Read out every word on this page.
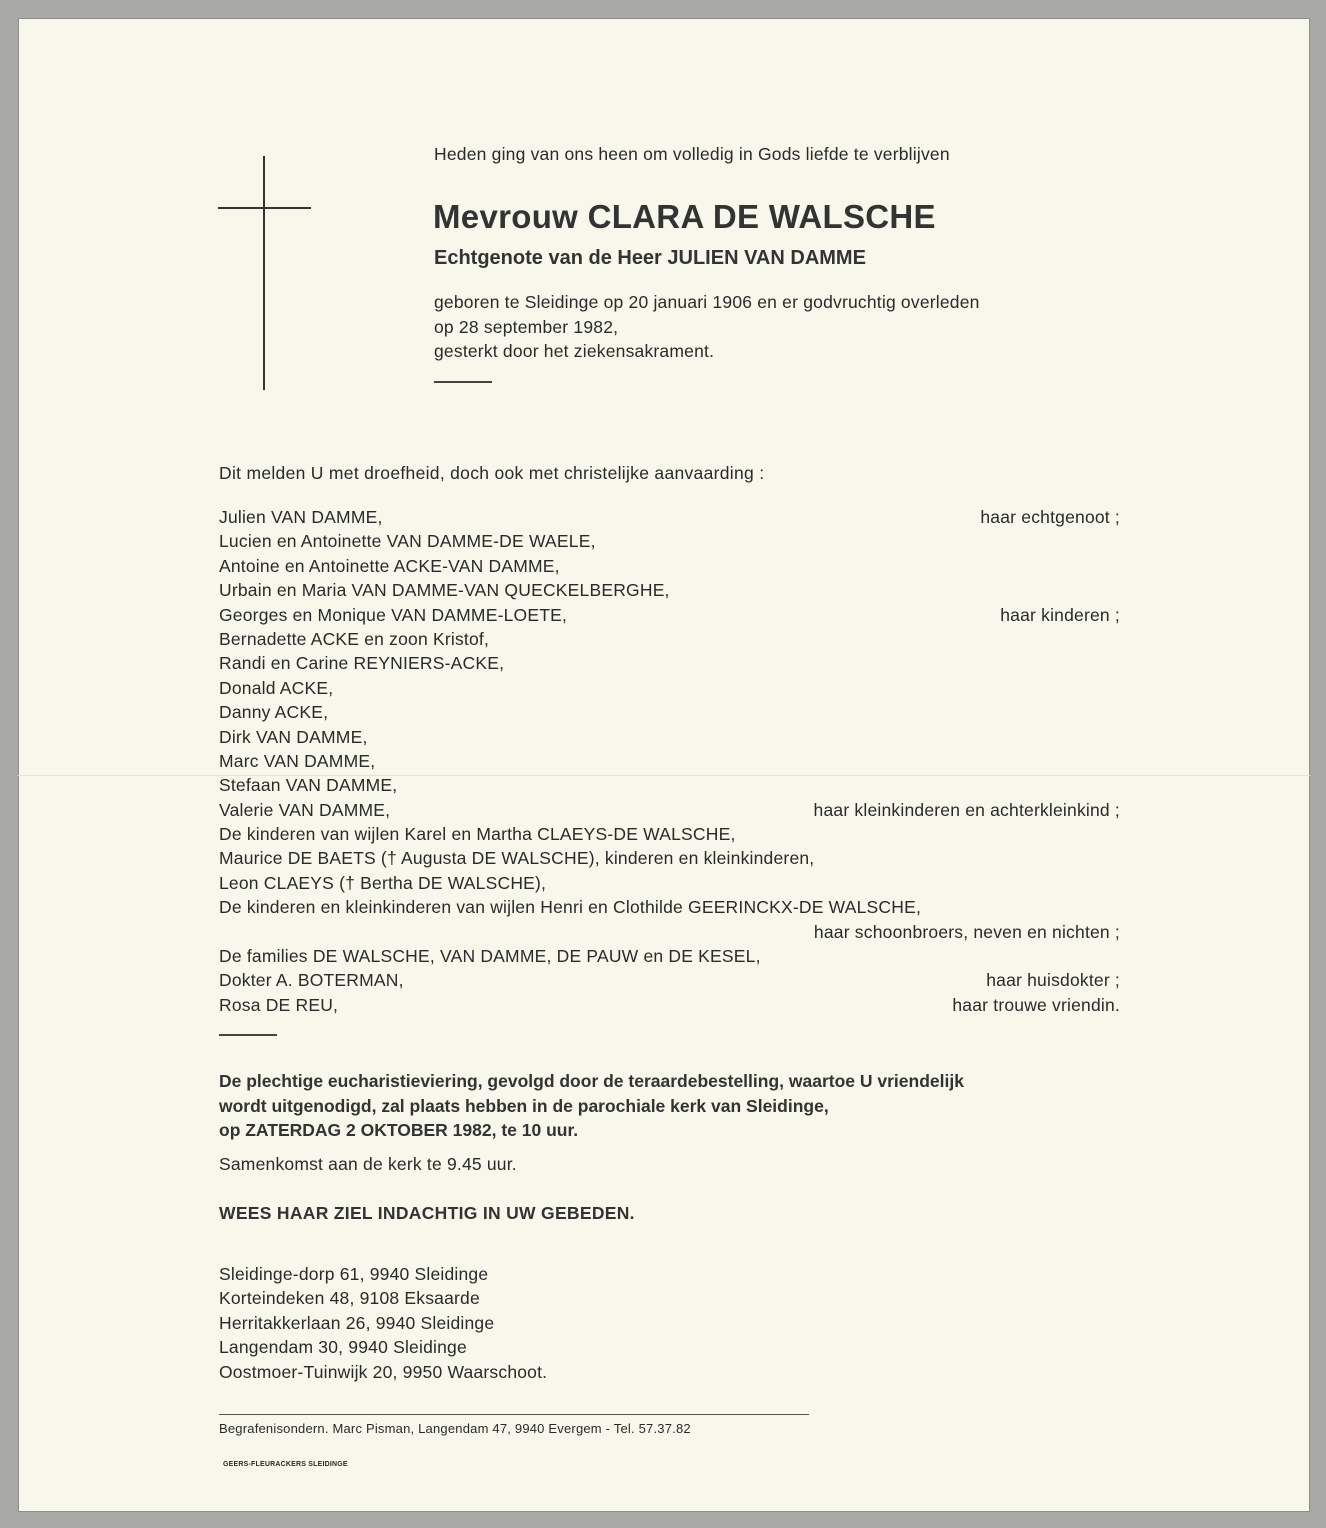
Heden ging van ons heen om volledig in Gods liefde te verblijven
Mevrouw CLARA DE WALSCHE
Echtgenote van de Heer JULIEN VAN DAMME
geboren te Sleidinge op 20 januari 1906 en er godvruchtig overleden
op 28 september 1982,
gesterkt door het ziekensakrament.
Dit melden U met droefheid, doch ook met christelijke aanvaarding :
Julien VAN DAMME,	haar echtgenoot ;
Lucien en Antoinette VAN DAMME-DE WAELE,
Antoine en Antoinette ACKE-VAN DAMME,
Urbain en Maria VAN DAMME-VAN QUECKELBERGHE,
Georges en Monique VAN DAMME-LOETE,	haar kinderen ;
Bernadette ACKE en zoon Kristof,
Randi en Carine REYNIERS-ACKE,
Donald ACKE,
Danny ACKE,
Dirk VAN DAMME,
Marc VAN DAMME,
Stefaan VAN DAMME,
Valerie VAN DAMME,	haar kleinkinderen en achterkleinkind ;
De kinderen van wijlen Karel en Martha CLAEYS-DE WALSCHE,
Maurice DE BAETS († Augusta DE WALSCHE), kinderen en kleinkinderen,
Leon CLAEYS († Bertha DE WALSCHE),
De kinderen en kleinkinderen van wijlen Henri en Clothilde GEERINCKX-DE WALSCHE,
haar schoonbroers, neven en nichten ;
De families DE WALSCHE, VAN DAMME, DE PAUW en DE KESEL,
Dokter A. BOTERMAN,	haar huisdokter ;
Rosa DE REU,	haar trouwe vriendin.
De plechtige eucharistieviering, gevolgd door de teraardebestelling, waartoe U vriendelijk
wordt uitgenodigd, zal plaats hebben in de parochiale kerk van Sleidinge,
op ZATERDAG 2 OKTOBER 1982, te 10 uur.
Samenkomst aan de kerk te 9.45 uur.
WEES HAAR ZIEL INDACHTIG IN UW GEBEDEN.
Sleidinge-dorp 61, 9940 Sleidinge
Korteindeken 48, 9108 Eksaarde
Herritakkerlaan 26, 9940 Sleidinge
Langendam 30, 9940 Sleidinge
Oostmoer-Tuinwijk 20, 9950 Waarschoot.
Begrafenisondern. Marc Pisman, Langendam 47, 9940 Evergem - Tel. 57.37.82
GEERS-FLEURACKERS SLEIDINGE
